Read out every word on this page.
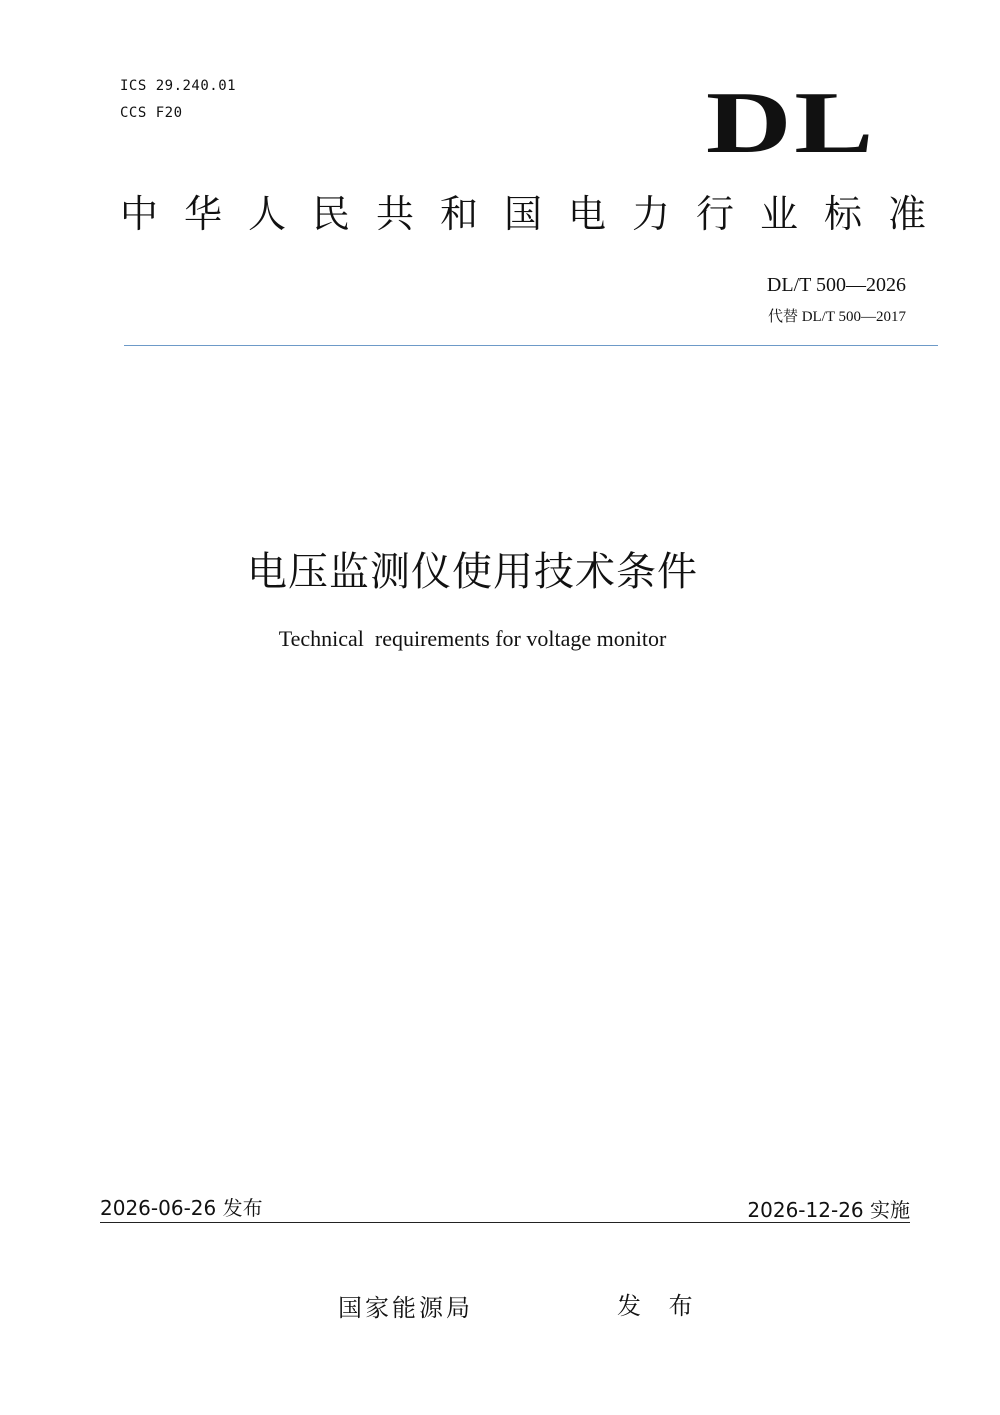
ICS 29.240.01
CCS F20	DL
中华人民共和国电力行业标准
DL/T 500—2026
代替 DL/T 500—2017
电压监测仪使用技术条件
Technical  requirements for voltage monitor
2026-06-26 发布	2026-12-26 实施
国家能源局	发 布
